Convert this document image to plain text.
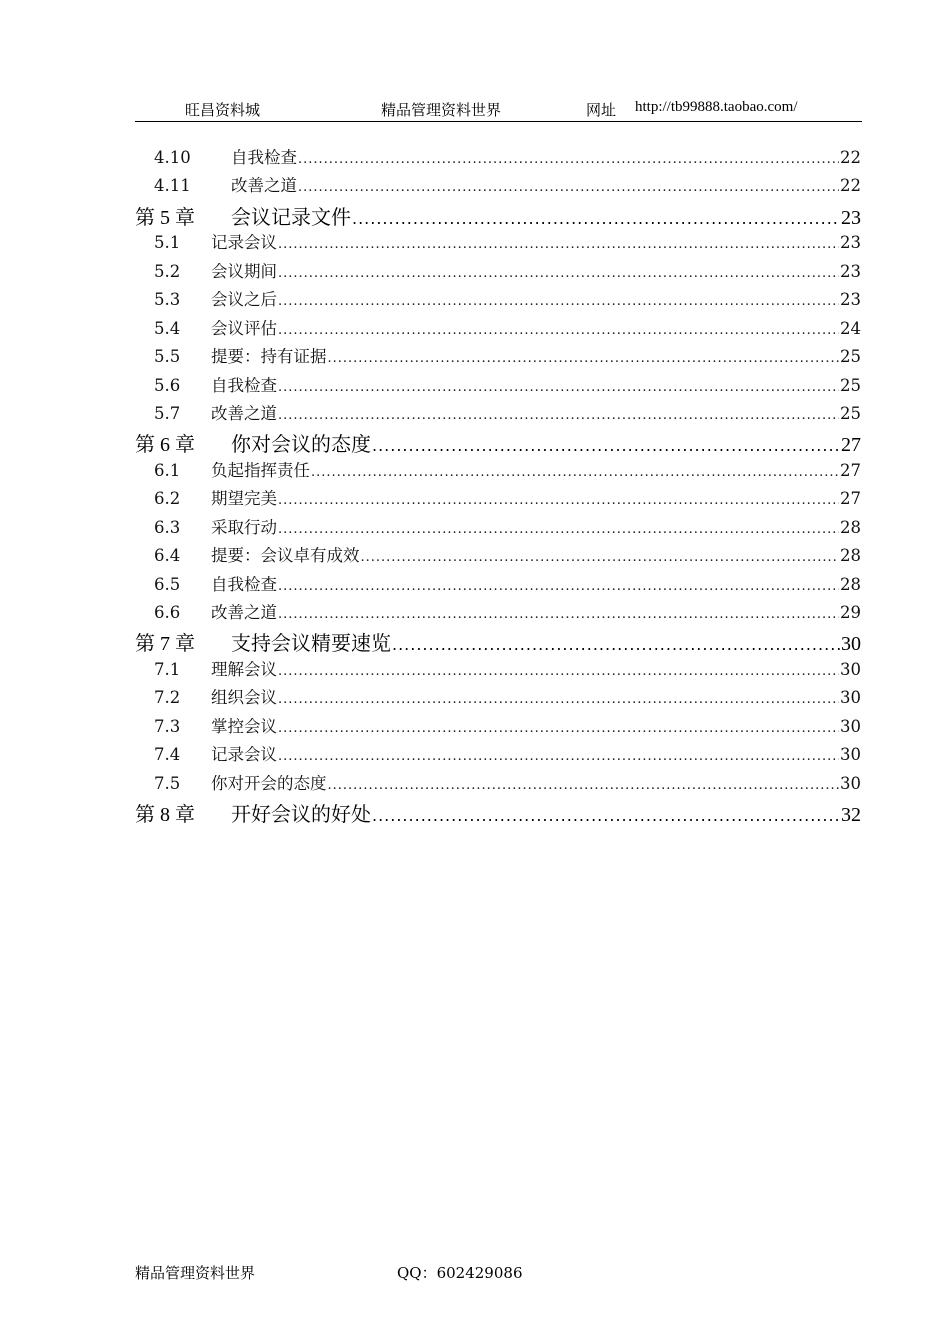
旺昌资料城	精品管理资料世界	网址 http://tb99888.taobao.com/
4.10	自我检查 .....	22
4.11	改善之道 .....	22
第 5 章	会议记录文件 .....	23
5.1	记录会议 .....	23
5.2	会议期间 .....	23
5.3	会议之后 .....	23
5.4	会议评估 .....	24
5.5	提要：持有证据 .....	25
5.6	自我检查 .....	25
5.7	改善之道 .....	25
第 6 章	你对会议的态度 .....	27
6.1	负起指挥责任 .....	27
6.2	期望完美 .....	27
6.3	采取行动 .....	28
6.4	提要：会议卓有成效 .....	28
6.5	自我检查 .....	28
6.6	改善之道 .....	29
第 7 章	支持会议精要速览 .....	30
7.1	理解会议 .....	30
7.2	组织会议 .....	30
7.3	掌控会议 .....	30
7.4	记录会议 .....	30
7.5	你对开会的态度 .....	30
第 8 章	开好会议的好处 .....	32
精品管理资料世界	QQ：602429086
